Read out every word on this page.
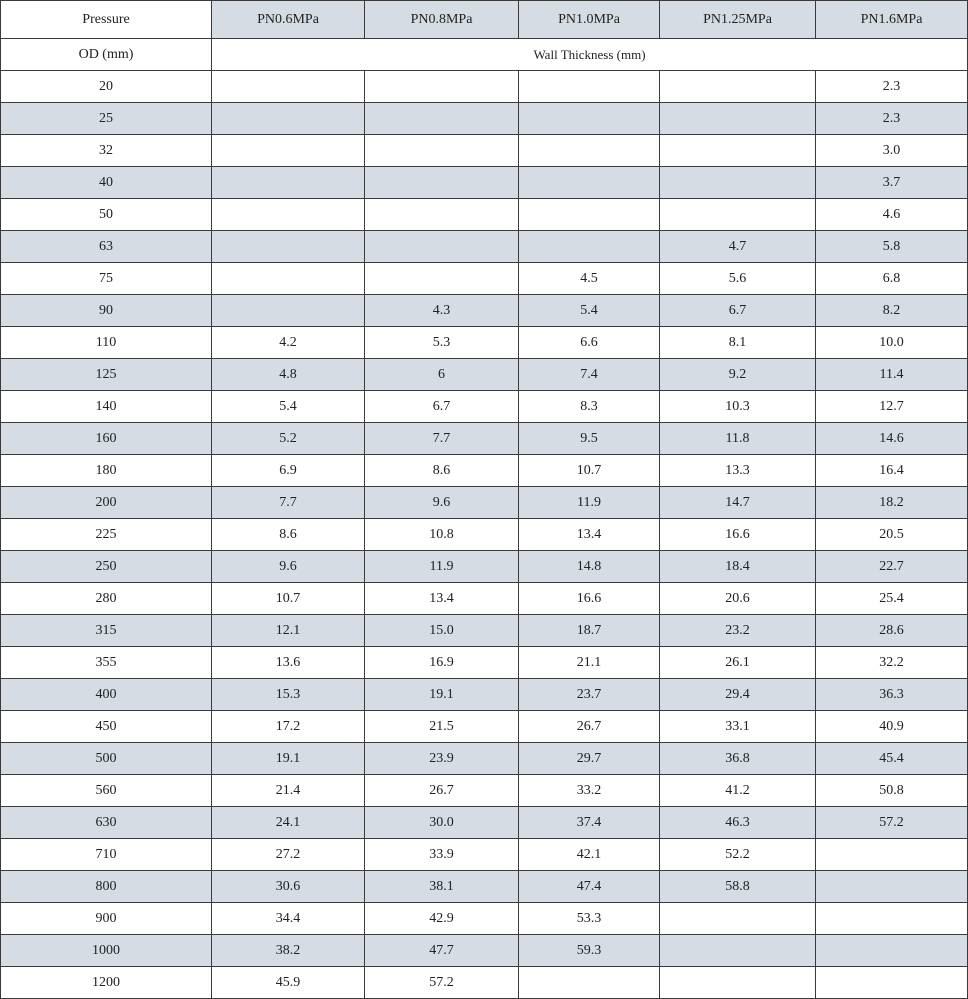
Pressure	PN0.6MPa	PN0.8MPa	PN1.0MPa	PN1.25MPa	PN1.6MPa
OD (mm)	Wall Thickness (mm)				
20					2.3
25					2.3
32					3.0
40					3.7
50					4.6
63				4.7	5.8
75			4.5	5.6	6.8
90		4.3	5.4	6.7	8.2
110	4.2	5.3	6.6	8.1	10.0
125	4.8	6	7.4	9.2	11.4
140	5.4	6.7	8.3	10.3	12.7
160	5.2	7.7	9.5	11.8	14.6
180	6.9	8.6	10.7	13.3	16.4
200	7.7	9.6	11.9	14.7	18.2
225	8.6	10.8	13.4	16.6	20.5
250	9.6	11.9	14.8	18.4	22.7
280	10.7	13.4	16.6	20.6	25.4
315	12.1	15.0	18.7	23.2	28.6
355	13.6	16.9	21.1	26.1	32.2
400	15.3	19.1	23.7	29.4	36.3
450	17.2	21.5	26.7	33.1	40.9
500	19.1	23.9	29.7	36.8	45.4
560	21.4	26.7	33.2	41.2	50.8
630	24.1	30.0	37.4	46.3	57.2
710	27.2	33.9	42.1	52.2	
800	30.6	38.1	47.4	58.8	
900	34.4	42.9	53.3		
1000	38.2	47.7	59.3		
1200	45.9	57.2			
